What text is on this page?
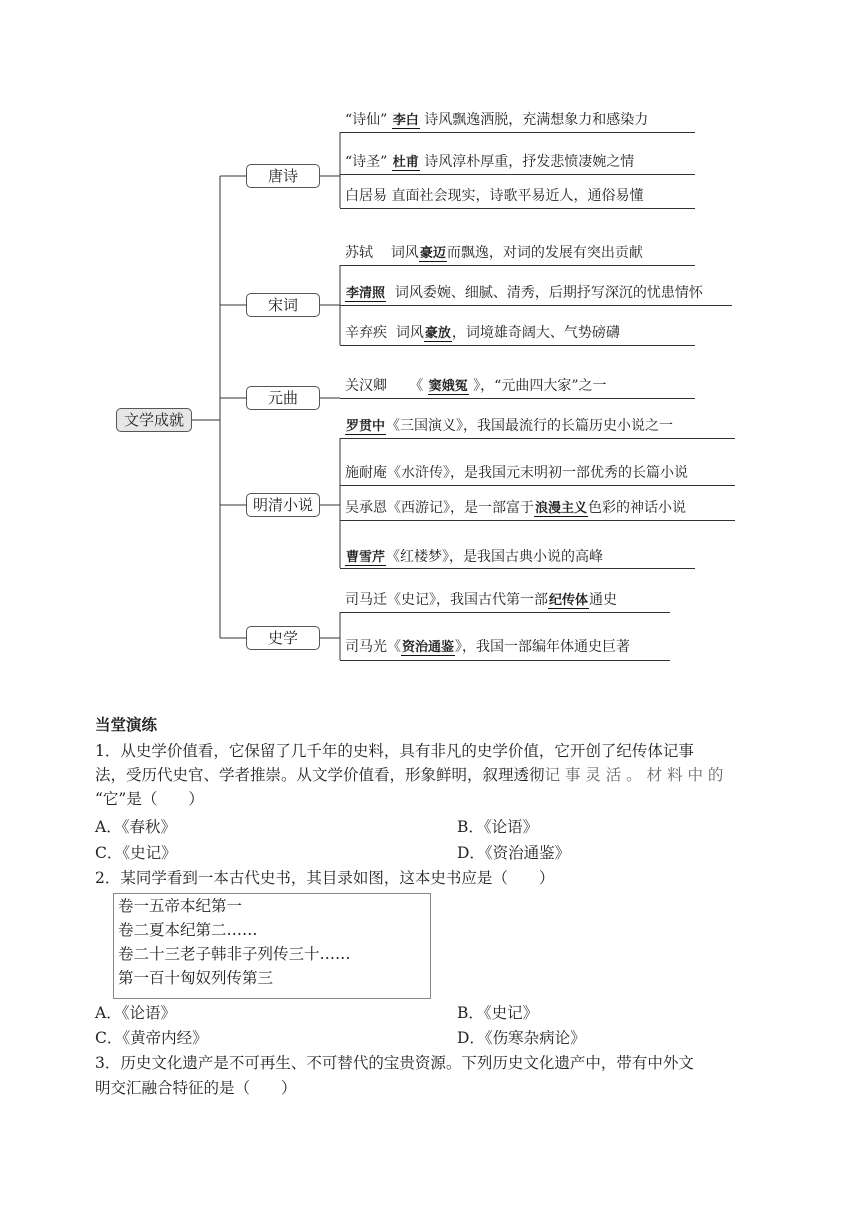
文学成就
唐诗
宋词
元曲
明清小说
史学
“诗仙” 李白 诗风飘逸洒脱，充满想象力和感染力
“诗圣” 杜甫 诗风淳朴厚重，抒发悲愤凄婉之情
白居易 直面社会现实，诗歌平易近人，通俗易懂
苏轼 词风豪迈而飘逸，对词的发展有突出贡献
李清照 词风委婉、细腻、清秀，后期抒写深沉的忧患情怀
辛弃疾 词风豪放，词境雄奇阔大、气势磅礴
关汉卿     《 窦娥冤 》，“元曲四大家”之一
罗贯中《三国演义》，我国最流行的长篇历史小说之一
施耐庵《水浒传》，是我国元末明初一部优秀的长篇小说
吴承恩《西游记》，是一部富于浪漫主义色彩的神话小说
曹雪芹《红楼梦》，是我国古典小说的高峰
司马迁《史记》，我国古代第一部纪传体通史
司马光《资治通鉴》，我国一部编年体通史巨著
当堂演练
1．从史学价值看，它保留了几千年的史料，具有非凡的史学价值，它开创了纪传体记事
法，受历代史官、学者推崇。从文学价值看，形象鲜明，叙理透彻记 事 灵 活 。 材 料 中 的
“它”是（　　）
A．《春秋》	B．《论语》
C．《史记》	D．《资治通鉴》
2．某同学看到一本古代史书，其目录如图，这本史书应是（　　）
卷一五帝本纪第一
卷二夏本纪第二……
卷二十三老子韩非子列传三十……
第一百十匈奴列传第三
A．《论语》	B．《史记》
C．《黄帝内经》	D．《伤寒杂病论》
3．历史文化遗产是不可再生、不可替代的宝贵资源。下列历史文化遗产中，带有中外文
明交汇融合特征的是（　　）
